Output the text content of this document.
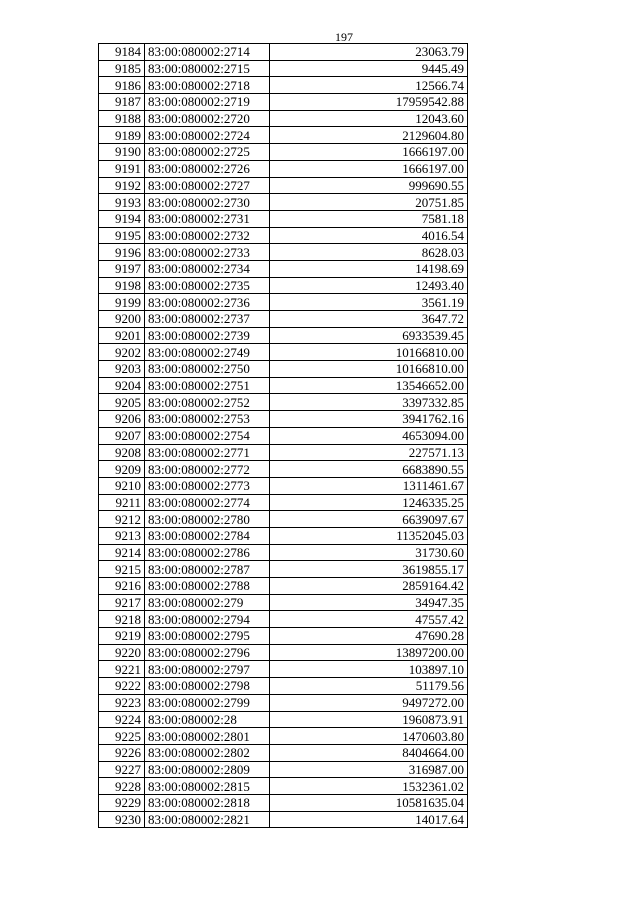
197
9184	83:00:080002:2714	23063.79
9185	83:00:080002:2715	9445.49
9186	83:00:080002:2718	12566.74
9187	83:00:080002:2719	17959542.88
9188	83:00:080002:2720	12043.60
9189	83:00:080002:2724	2129604.80
9190	83:00:080002:2725	1666197.00
9191	83:00:080002:2726	1666197.00
9192	83:00:080002:2727	999690.55
9193	83:00:080002:2730	20751.85
9194	83:00:080002:2731	7581.18
9195	83:00:080002:2732	4016.54
9196	83:00:080002:2733	8628.03
9197	83:00:080002:2734	14198.69
9198	83:00:080002:2735	12493.40
9199	83:00:080002:2736	3561.19
9200	83:00:080002:2737	3647.72
9201	83:00:080002:2739	6933539.45
9202	83:00:080002:2749	10166810.00
9203	83:00:080002:2750	10166810.00
9204	83:00:080002:2751	13546652.00
9205	83:00:080002:2752	3397332.85
9206	83:00:080002:2753	3941762.16
9207	83:00:080002:2754	4653094.00
9208	83:00:080002:2771	227571.13
9209	83:00:080002:2772	6683890.55
9210	83:00:080002:2773	1311461.67
9211	83:00:080002:2774	1246335.25
9212	83:00:080002:2780	6639097.67
9213	83:00:080002:2784	11352045.03
9214	83:00:080002:2786	31730.60
9215	83:00:080002:2787	3619855.17
9216	83:00:080002:2788	2859164.42
9217	83:00:080002:279	34947.35
9218	83:00:080002:2794	47557.42
9219	83:00:080002:2795	47690.28
9220	83:00:080002:2796	13897200.00
9221	83:00:080002:2797	103897.10
9222	83:00:080002:2798	51179.56
9223	83:00:080002:2799	9497272.00
9224	83:00:080002:28	1960873.91
9225	83:00:080002:2801	1470603.80
9226	83:00:080002:2802	8404664.00
9227	83:00:080002:2809	316987.00
9228	83:00:080002:2815	1532361.02
9229	83:00:080002:2818	10581635.04
9230	83:00:080002:2821	14017.64
